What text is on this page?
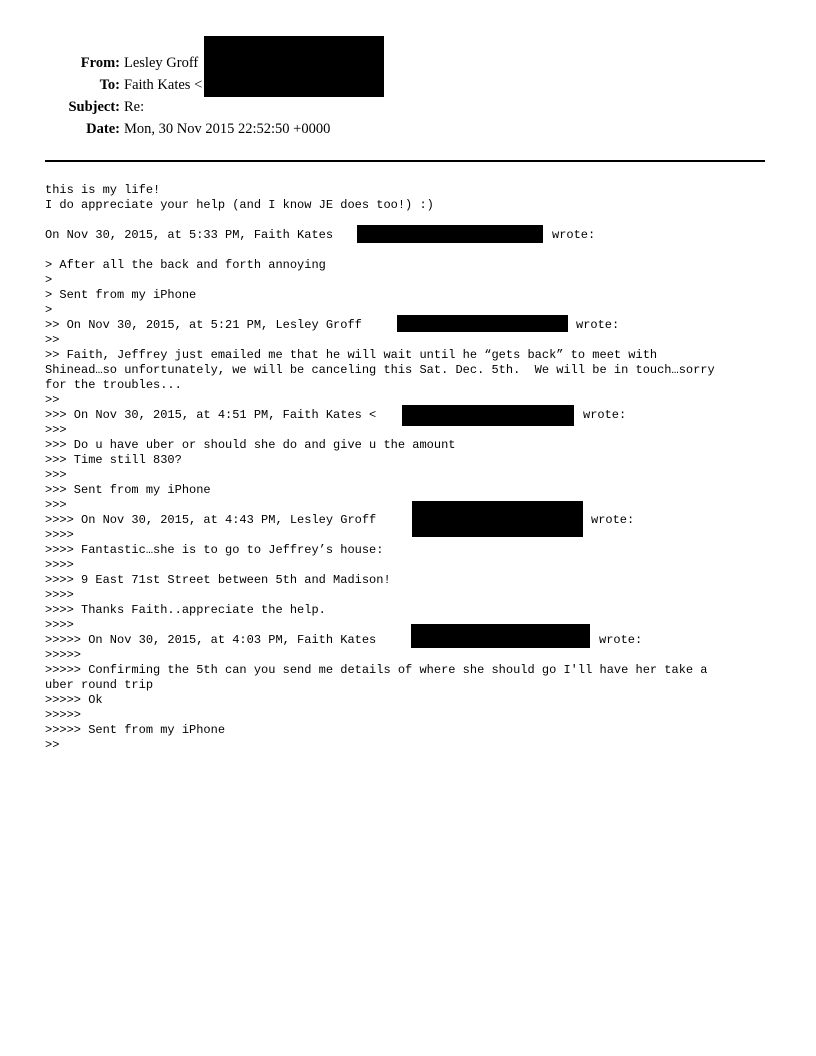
From: Lesley Groff
To: Faith Kates <
Subject: Re:
Date: Mon, 30 Nov 2015 22:52:50 +0000
this is my life!
I do appreciate your help (and I know JE does too!) :)
On Nov 30, 2015, at 5:33 PM, Faith Kates	wrote:
> After all the back and forth annoying
>
> Sent from my iPhone
>
>> On Nov 30, 2015, at 5:21 PM, Lesley Groff	wrote:
>>
>> Faith, Jeffrey just emailed me that he will wait until he “gets back” to meet with
Shinead…so unfortunately, we will be canceling this Sat. Dec. 5th.  We will be in touch…sorry
for the troubles...
>>
>>> On Nov 30, 2015, at 4:51 PM, Faith Kates <	wrote:
>>>
>>> Do u have uber or should she do and give u the amount
>>> Time still 830?
>>>
>>> Sent from my iPhone
>>>
>>>> On Nov 30, 2015, at 4:43 PM, Lesley Groff	wrote:
>>>>
>>>> Fantastic…she is to go to Jeffrey’s house:
>>>>
>>>> 9 East 71st Street between 5th and Madison!
>>>>
>>>> Thanks Faith..appreciate the help.
>>>>
>>>>> On Nov 30, 2015, at 4:03 PM, Faith Kates	wrote:
>>>>>
>>>>> Confirming the 5th can you send me details of where she should go I'll have her take a
uber round trip
>>>>> Ok
>>>>>
>>>>> Sent from my iPhone
>>
